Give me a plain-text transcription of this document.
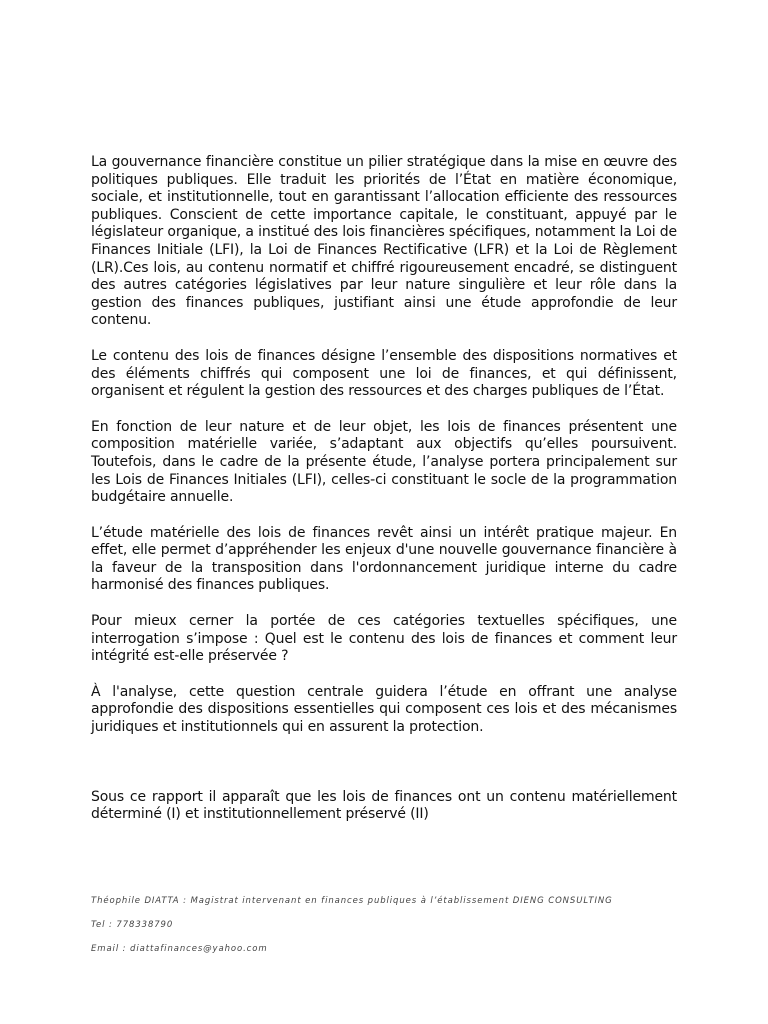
La gouvernance financière constitue un pilier stratégique dans la mise en œuvre des politiques publiques. Elle traduit les priorités de l’État en matière économique, sociale, et institutionnelle, tout en garantissant l’allocation efficiente des ressources publiques. Conscient de cette importance capitale, le constituant, appuyé par le législateur organique, a institué des lois financières spécifiques, notamment la Loi de Finances Initiale (LFI), la Loi de Finances Rectificative (LFR) et la Loi de Règlement (LR).Ces lois, au contenu normatif et chiffré rigoureusement encadré, se distinguent des autres catégories législatives par leur nature singulière et leur rôle dans la gestion des finances publiques, justifiant ainsi une étude approfondie de leur contenu.

Le contenu des lois de finances désigne l’ensemble des dispositions normatives et des éléments chiffrés qui composent une loi de finances, et qui définissent, organisent et régulent la gestion des ressources et des charges publiques de l’État.

En fonction de leur nature et de leur objet, les lois de finances présentent une composition matérielle variée, s’adaptant aux objectifs qu’elles poursuivent. Toutefois, dans le cadre de la présente étude, l’analyse portera principalement sur les Lois de Finances Initiales (LFI), celles-ci constituant le socle de la programmation budgétaire annuelle.

L’étude matérielle des lois de finances revêt ainsi un intérêt pratique majeur. En effet, elle permet d’appréhender les enjeux d'une nouvelle gouvernance financière à la faveur de la transposition dans l'ordonnancement juridique interne du cadre harmonisé des finances publiques.

Pour mieux cerner la portée de ces catégories textuelles spécifiques, une interrogation s’impose : Quel est le contenu des lois de finances et comment leur intégrité est-elle préservée ?

À l'analyse, cette question centrale guidera l’étude en offrant une analyse approfondie des dispositions essentielles qui composent ces lois et des mécanismes juridiques et institutionnels qui en assurent la protection.

Sous ce rapport il apparaît que les lois de finances ont un contenu matériellement déterminé (I) et institutionnellement préservé (II)

Théophile DIATTA : Magistrat intervenant en finances publiques à l’établissement DIENG CONSULTING
Tel : 778338790
Email : diattafinances@yahoo.com
